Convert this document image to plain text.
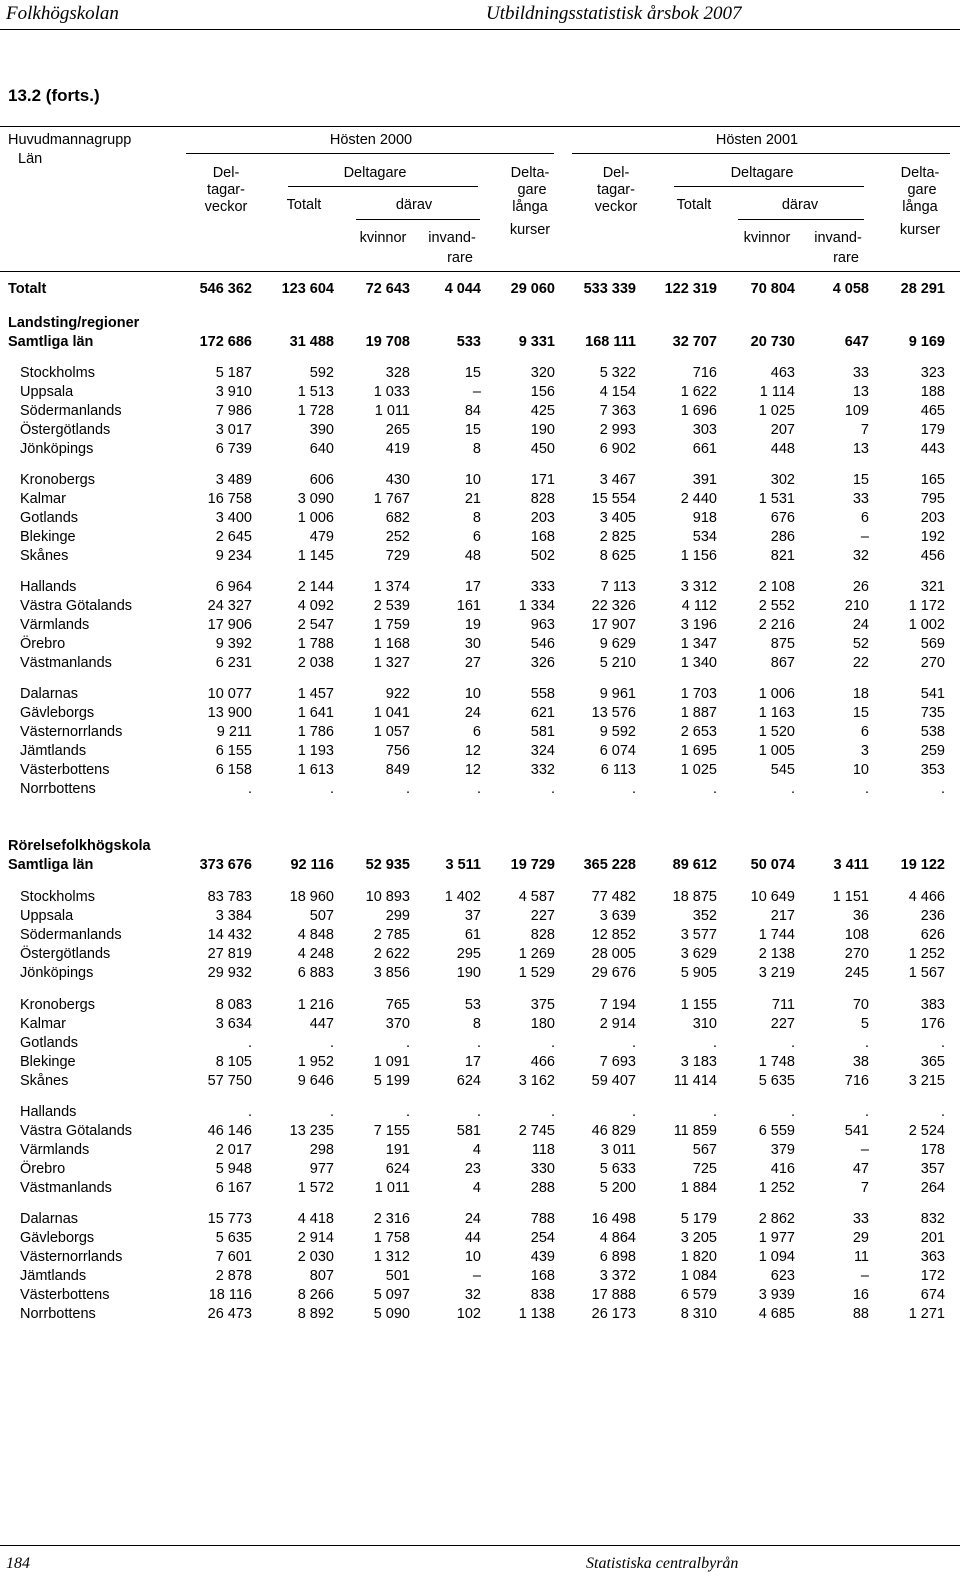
Folkhögskolan	Utbildningsstatistisk årsbok 2007
13.2 (forts.)
Huvudmannagrupp
Län
Hösten 2000	Hösten 2001
Del-
tagar-
veckor
Deltagare
Totalt	därav
kvinnor	invand-
rare
Delta-
gare
långa
kurser
Del-
tagar-
veckor
Deltagare
Totalt	därav
kvinnor	invand-
rare
Delta-
gare
långa
kurser
Totalt	546 362	123 604	72 643	4 044	29 060	533 339	122 319	70 804	4 058	28 291
Landsting/regioner
Samtliga län	172 686	31 488	19 708	533	9 331	168 111	32 707	20 730	647	9 169
Stockholms	5 187	592	328	15	320	5 322	716	463	33	323
Uppsala	3 910	1 513	1 033	–	156	4 154	1 622	1 114	13	188
Södermanlands	7 986	1 728	1 011	84	425	7 363	1 696	1 025	109	465
Östergötlands	3 017	390	265	15	190	2 993	303	207	7	179
Jönköpings	6 739	640	419	8	450	6 902	661	448	13	443
Kronobergs	3 489	606	430	10	171	3 467	391	302	15	165
Kalmar	16 758	3 090	1 767	21	828	15 554	2 440	1 531	33	795
Gotlands	3 400	1 006	682	8	203	3 405	918	676	6	203
Blekinge	2 645	479	252	6	168	2 825	534	286	–	192
Skånes	9 234	1 145	729	48	502	8 625	1 156	821	32	456
Hallands	6 964	2 144	1 374	17	333	7 113	3 312	2 108	26	321
Västra Götalands	24 327	4 092	2 539	161	1 334	22 326	4 112	2 552	210	1 172
Värmlands	17 906	2 547	1 759	19	963	17 907	3 196	2 216	24	1 002
Örebro	9 392	1 788	1 168	30	546	9 629	1 347	875	52	569
Västmanlands	6 231	2 038	1 327	27	326	5 210	1 340	867	22	270
Dalarnas	10 077	1 457	922	10	558	9 961	1 703	1 006	18	541
Gävleborgs	13 900	1 641	1 041	24	621	13 576	1 887	1 163	15	735
Västernorrlands	9 211	1 786	1 057	6	581	9 592	2 653	1 520	6	538
Jämtlands	6 155	1 193	756	12	324	6 074	1 695	1 005	3	259
Västerbottens	6 158	1 613	849	12	332	6 113	1 025	545	10	353
Norrbottens	.	.	.	.	.	.	.	.	.	.
Rörelsefolkhögskola
Samtliga län	373 676	92 116	52 935	3 511	19 729	365 228	89 612	50 074	3 411	19 122
Stockholms	83 783	18 960	10 893	1 402	4 587	77 482	18 875	10 649	1 151	4 466
Uppsala	3 384	507	299	37	227	3 639	352	217	36	236
Södermanlands	14 432	4 848	2 785	61	828	12 852	3 577	1 744	108	626
Östergötlands	27 819	4 248	2 622	295	1 269	28 005	3 629	2 138	270	1 252
Jönköpings	29 932	6 883	3 856	190	1 529	29 676	5 905	3 219	245	1 567
Kronobergs	8 083	1 216	765	53	375	7 194	1 155	711	70	383
Kalmar	3 634	447	370	8	180	2 914	310	227	5	176
Gotlands	.	.	.	.	.	.	.	.	.	.
Blekinge	8 105	1 952	1 091	17	466	7 693	3 183	1 748	38	365
Skånes	57 750	9 646	5 199	624	3 162	59 407	11 414	5 635	716	3 215
Hallands	.	.	.	.	.	.	.	.	.	.
Västra Götalands	46 146	13 235	7 155	581	2 745	46 829	11 859	6 559	541	2 524
Värmlands	2 017	298	191	4	118	3 011	567	379	–	178
Örebro	5 948	977	624	23	330	5 633	725	416	47	357
Västmanlands	6 167	1 572	1 011	4	288	5 200	1 884	1 252	7	264
Dalarnas	15 773	4 418	2 316	24	788	16 498	5 179	2 862	33	832
Gävleborgs	5 635	2 914	1 758	44	254	4 864	3 205	1 977	29	201
Västernorrlands	7 601	2 030	1 312	10	439	6 898	1 820	1 094	11	363
Jämtlands	2 878	807	501	–	168	3 372	1 084	623	–	172
Västerbottens	18 116	8 266	5 097	32	838	17 888	6 579	3 939	16	674
Norrbottens	26 473	8 892	5 090	102	1 138	26 173	8 310	4 685	88	1 271
184	Statistiska centralbyrån
